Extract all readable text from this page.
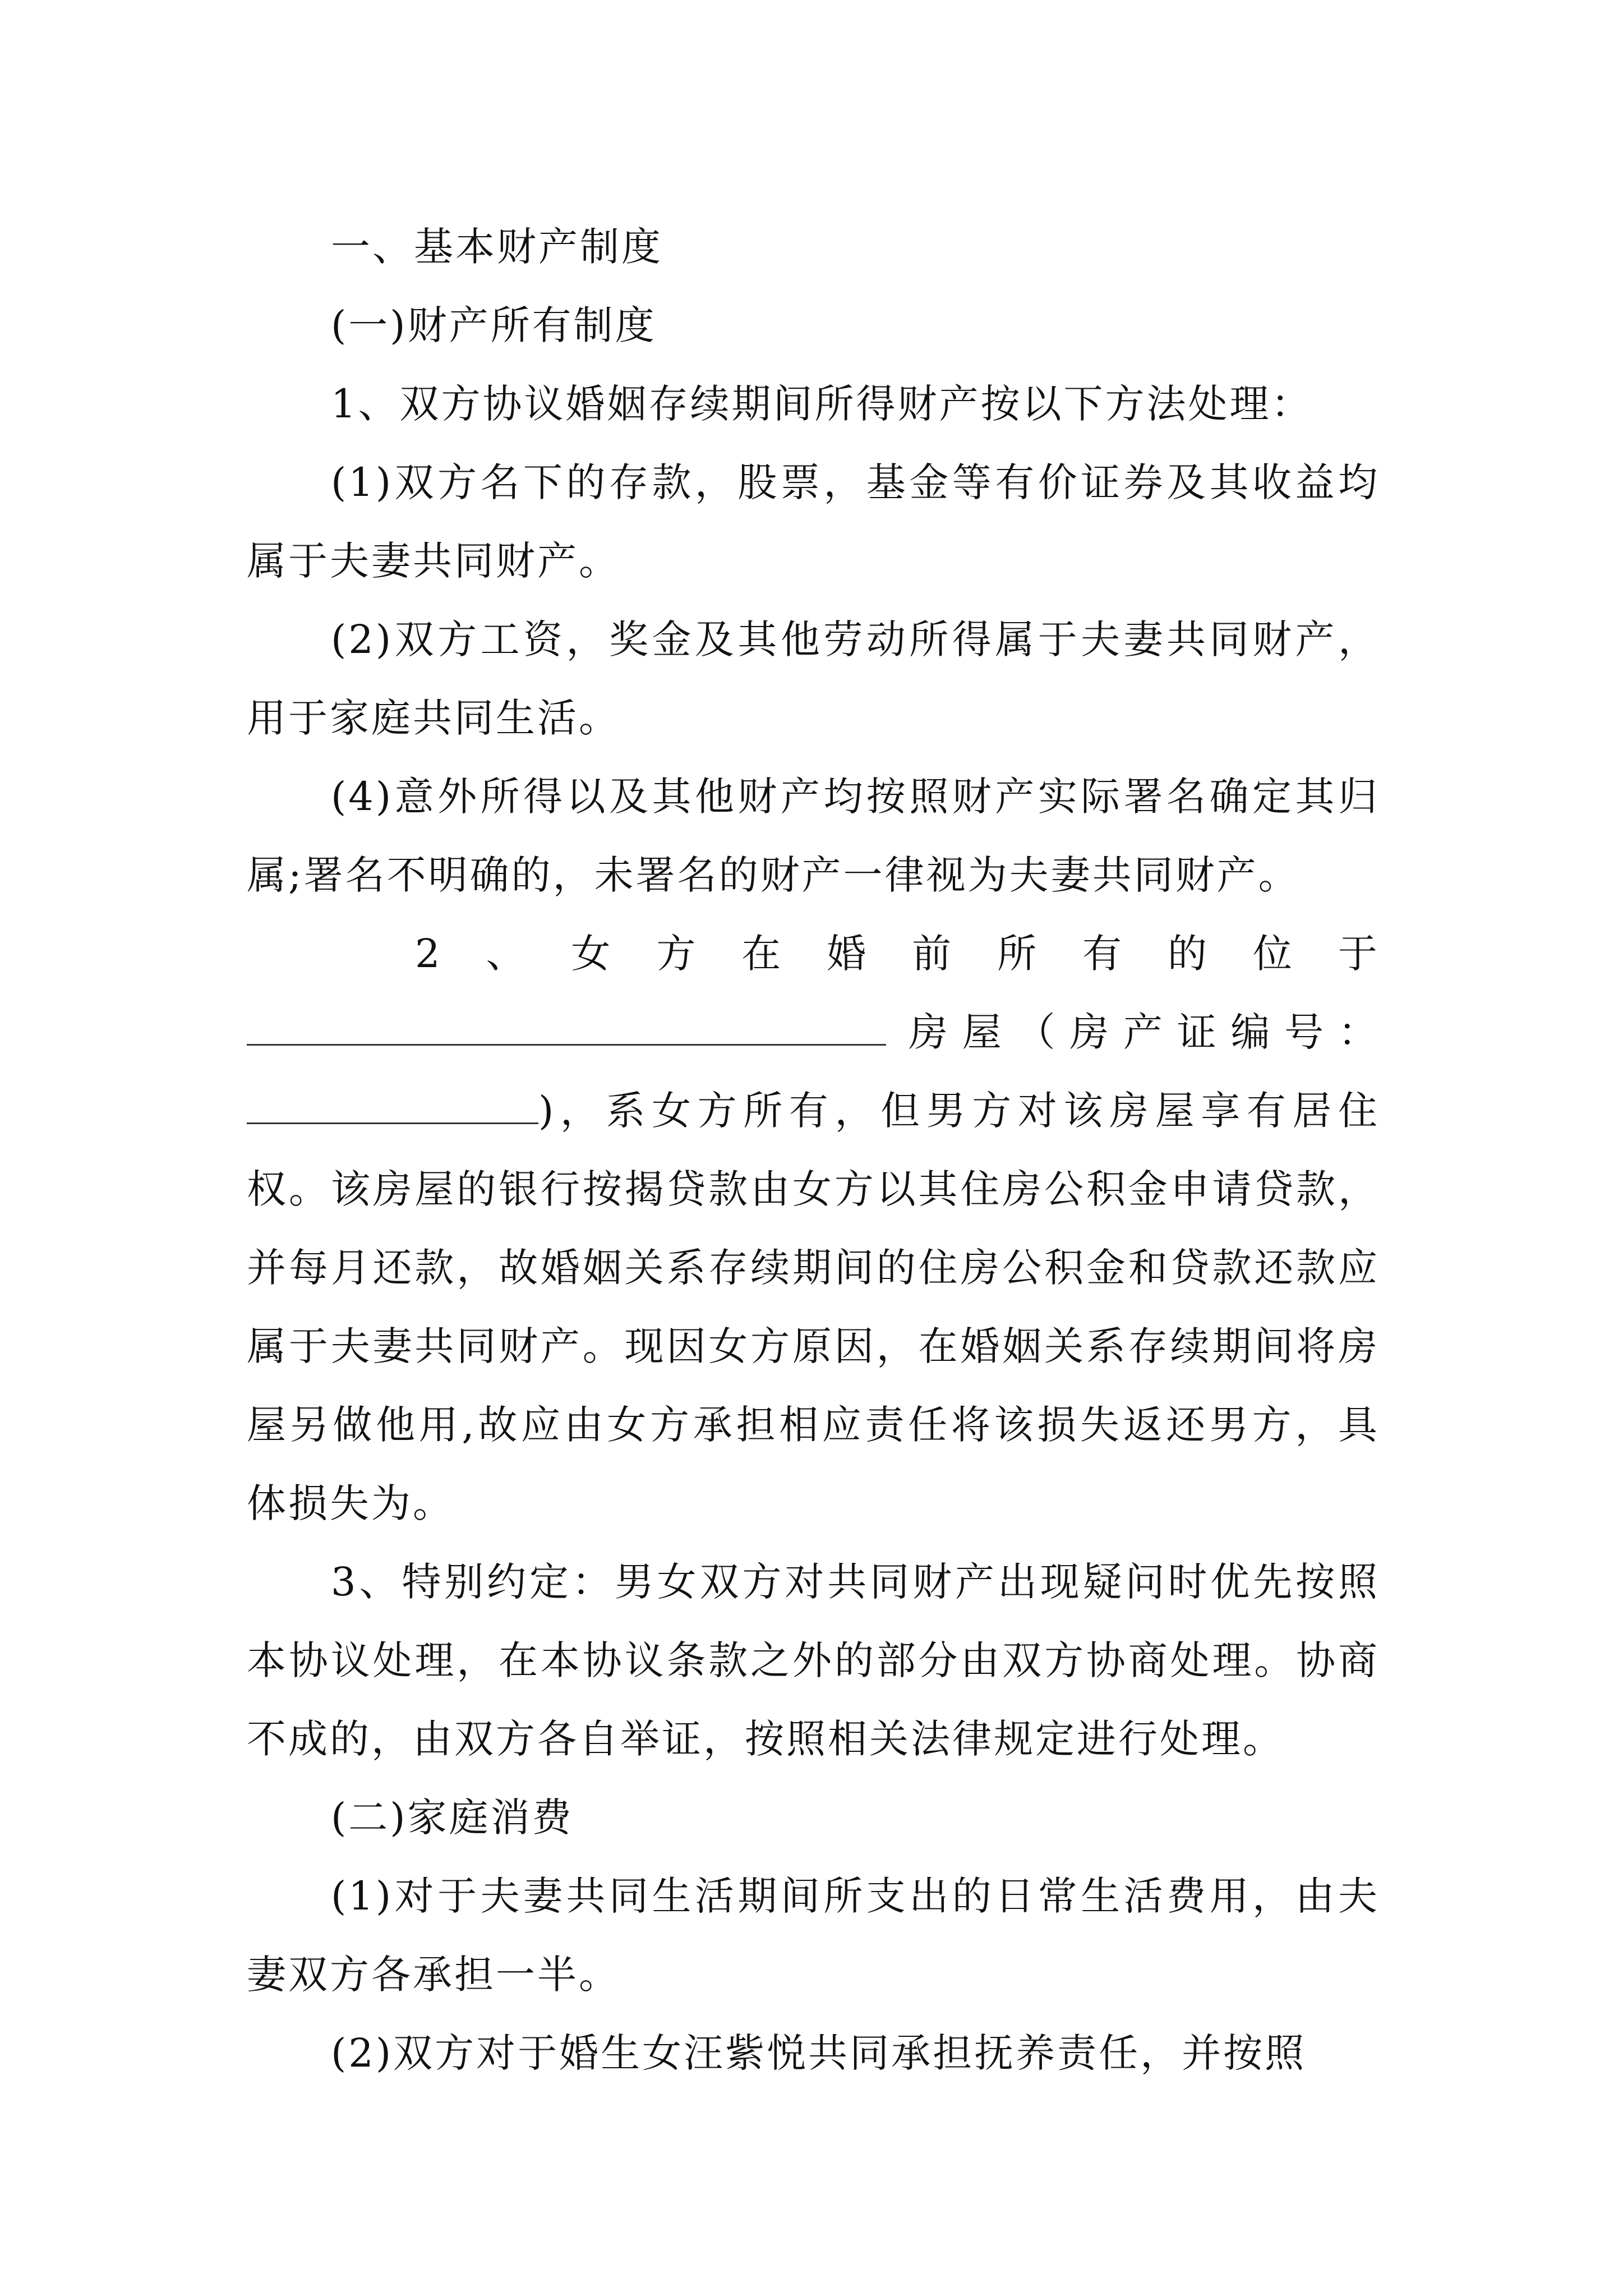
一、基本财产制度

(一)财产所有制度

1、双方协议婚姻存续期间所得财产按以下方法处理：

(1)双方名下的存款，股票，基金等有价证券及其收益均属于夫妻共同财产。

(2)双方工资，奖金及其他劳动所得属于夫妻共同财产，用于家庭共同生活。

(4)意外所得以及其他财产均按照财产实际署名确定其归属;署名不明确的，未署名的财产一律视为夫妻共同财产。

2 、 女 方 在 婚 前 所 有 的 位 于
房 屋 （ 房 产 证 编 号 ：

)，系女方所有，但男方对该房屋享有居住权。该房屋的银行按揭贷款由女方以其住房公积金申请贷款，并每月还款，故婚姻关系存续期间的住房公积金和贷款还款应属于夫妻共同财产。现因女方原因，在婚姻关系存续期间将房屋另做他用,故应由女方承担相应责任将该损失返还男方，具体损失为。

3、特别约定：男女双方对共同财产出现疑问时优先按照本协议处理，在本协议条款之外的部分由双方协商处理。协商不成的，由双方各自举证，按照相关法律规定进行处理。

(二)家庭消费

(1)对于夫妻共同生活期间所支出的日常生活费用，由夫妻双方各承担一半。

(2)双方对于婚生女汪紫悦共同承担抚养责任，并按照
